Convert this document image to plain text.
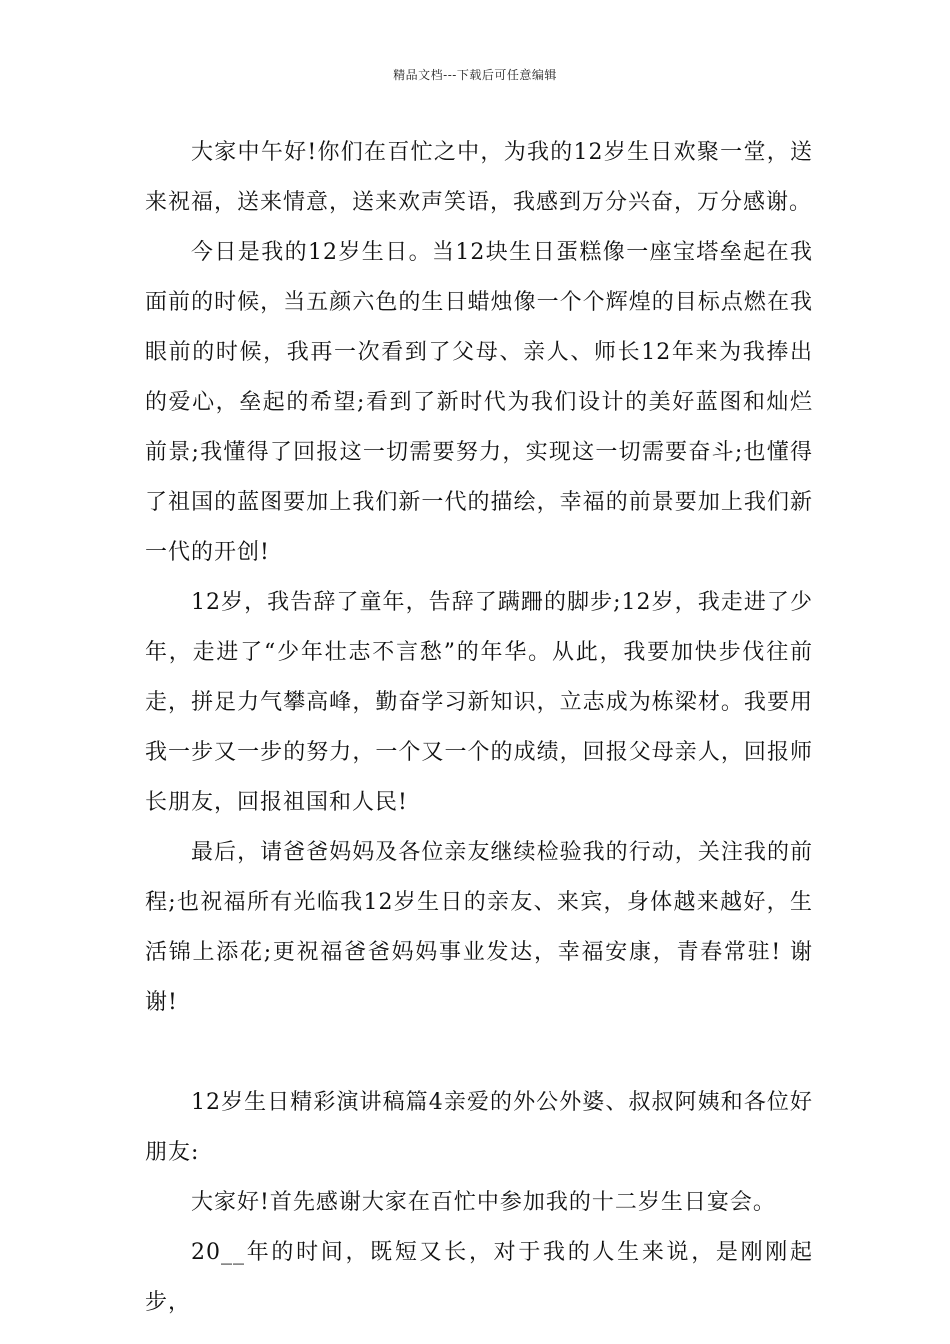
精品文档---下载后可任意编辑

大家中午好!你们在百忙之中，为我的12岁生日欢聚一堂，送来祝福，送来情意，送来欢声笑语，我感到万分兴奋，万分感谢。

今日是我的12岁生日。当12块生日蛋糕像一座宝塔垒起在我面前的时候，当五颜六色的生日蜡烛像一个个辉煌的目标点燃在我眼前的时候，我再一次看到了父母、亲人、师长12年来为我捧出的爱心，垒起的希望;看到了新时代为我们设计的美好蓝图和灿烂前景;我懂得了回报这一切需要努力，实现这一切需要奋斗;也懂得了祖国的蓝图要加上我们新一代的描绘，幸福的前景要加上我们新一代的开创!

12岁，我告辞了童年，告辞了蹒跚的脚步;12岁，我走进了少年，走进了“少年壮志不言愁”的年华。从此，我要加快步伐往前走，拼足力气攀高峰，勤奋学习新知识，立志成为栋梁材。我要用我一步又一步的努力，一个又一个的成绩，回报父母亲人，回报师长朋友，回报祖国和人民!

最后，请爸爸妈妈及各位亲友继续检验我的行动，关注我的前程;也祝福所有光临我12岁生日的亲友、来宾，身体越来越好，生活锦上添花;更祝福爸爸妈妈事业发达，幸福安康，青春常驻! 谢谢!

12岁生日精彩演讲稿篇4亲爱的外公外婆、叔叔阿姨和各位好朋友:

大家好!首先感谢大家在百忙中参加我的十二岁生日宴会。

20__年的时间，既短又长，对于我的人生来说，是刚刚起步，
